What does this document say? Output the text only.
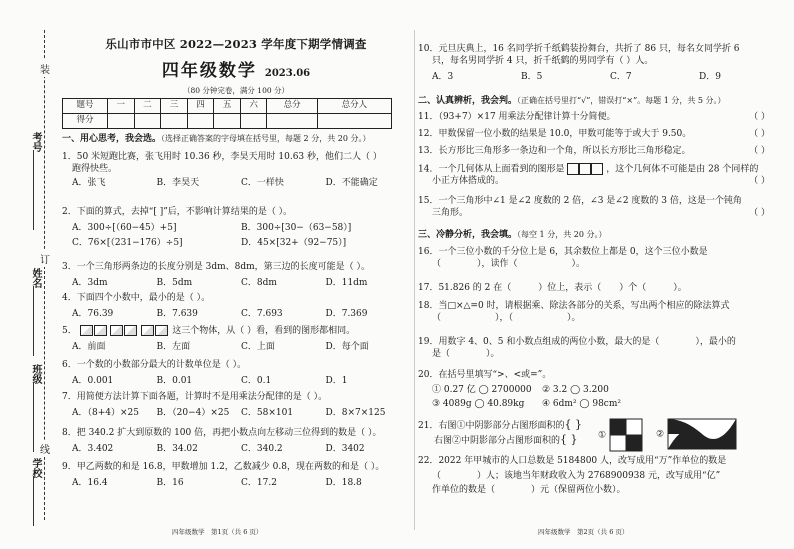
考号
姓名
班级
学校
装
订
线
乐山市市中区 2022—2023 学年度下期学情调查
四年级数学 2023.06
（80 分钟完卷，满分 100 分）
题号	一	二	三	四	五	六	总分	总分人
得分								
一、用心思考，我会选。（选择正确答案的字母填在括号里，每题 2 分，共 20 分。）
1．50 米短跑比赛，张飞用时 10.36 秒，李昊天用时 10.63 秒，他们二人（ ）
跑得快些。
A．张飞	B．李昊天	C．一样快	D．不能确定
2．下面的算式，去掉“[ ]”后，不影响计算结果的是（ ）。
A．300÷[（60−45）+5]	B．300÷[30−（63−58）]
C．76×[（231−176）÷5]	D．45×[32+（92−75）]
3．一个三角形两条边的长度分别是 3dm、8dm，第三边的长度可能是（ ）。
A．3dm	B．5dm	C．8dm	D．11dm
4．下面四个小数中，最小的是（ ）。
A．76.39	B．7.639	C．7.693	D．7.369
5．	这三个物体，从（ ）看，看到的图形都相同。
A．前面	B．左面	C．上面	D．每个面
6．一个数的小数部分最大的计数单位是（ ）。
A．0.001	B．0.01	C．0.1	D．1
7．用简便方法计算下面各题，计算时不是用乘法分配律的是（ ）。
A．（8+4）×25	B．（20−4）×25	C．58×101	D．8×7×125
8．把 340.2 扩大到原数的 100 倍，再把小数点向左移动三位得到的数是（ ）。
A．3.402	B．34.02	C．340.2	D．3402
9．甲乙两数的和是 16.8，甲数增加 1.2，乙数减少 0.8，现在两数的和是（ ）。
A．16.4	B．16	C．17.2	D．18.8
四年级数学　第1页（共 6 页）
10．元旦庆典上，16 名同学折千纸鹤装扮舞台，共折了 86 只，每名女同学折 6
只，每名男同学折 4 只，折千纸鹤的男同学有（ ）人。
A．3	B．5	C．7	D．9
二、认真辨析，我会判。（正确在括号里打“√”，错误打“×”。每题 1 分，共 5 分。）
11．（93+7）×17 用乘法分配律计算十分简便。	（ ）
12．甲数保留一位小数的结果是 10.0，甲数可能等于或大于 9.50。	（ ）
13．长方形比三角形多一条边和一个角，所以长方形比三角形稳定。	（ ）
14．一个几何体从上面看到的图形是	，这个几何体不可能是由 28 个同样的
小正方体搭成的。	（ ）
15．一个三角形中∠1 是∠2 度数的 2 倍，∠3 是∠2 度数的 3 倍，这是一个钝角
三角形。	（ ）
三、冷静分析，我会填。（每空 1 分，共 20 分。）
16．一个三位小数的千分位上是 6，其余数位上都是 0，这个三位小数是
（　　　　），读作（　　　　　　）。
17．51.826 的 2 在（　　　）位上，表示（　　）个（　　　）。
18．当□×△=0 时，请根据乘、除法各部分的关系，写出两个相应的除法算式
（　　　　　　），（　　　　　　）。
19．用数字 4、0、5 和小数点组成的两位小数，最大的是（　　　　），最小的
是（　　　　）。
20．在括号里填写“>、<或=”。
① 0.27 亿 ◯ 2700000	② 3.2 ◯ 3.200
③ 4089g ◯ 40.89kg	④ 6dm² ◯ 98cm²
21．右图①中阴影部分占图形面积的{ }
右图②中阴影部分占图形面积的{ }	①	②
22．2022 年甲城市的人口总数是 5184800 人，改写成用“万”作单位的数是
（　　　　）人；该地当年财政收入为 2768900938 元，改写成用“亿”
作单位的数是（　　　　）元（保留两位小数）。
四年级数学　第2页（共 6 页）
